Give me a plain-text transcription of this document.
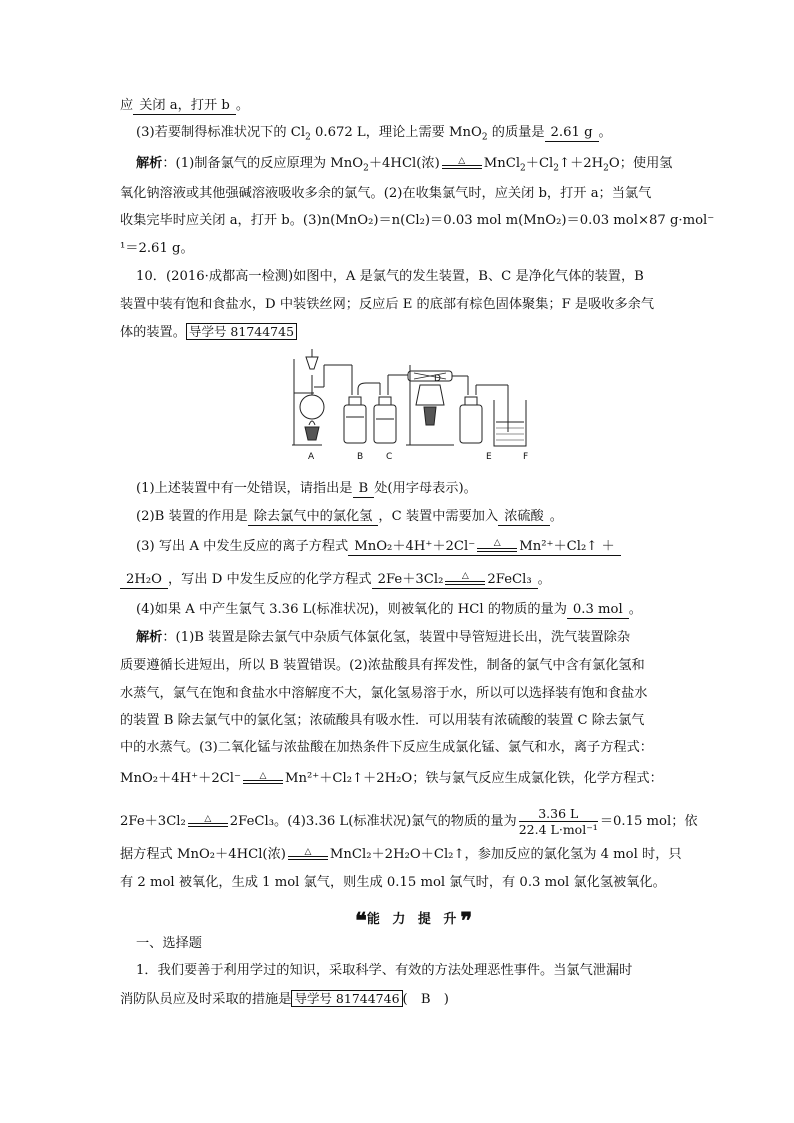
应 关闭 a，打开 b 。
(3)若要制得标准状况下的 $Cl_2$ 0.672 L，理论上需要 MnO$_2$ 的质量是 2.61 g 。
解析：(1)制备氯气的反应原理为 MnO$_2$＋4HCl(浓)	△	$MnCl_2+Cl_2↑+2H_2O$；使用氢
氧化钠溶液或其他强碱溶液吸收多余的氯气。(2)在收集氯气时，应关闭 b，打开 a；当氯气
收集完毕时应关闭 a，打开 b。(3)n(MnO₂)＝n(Cl₂)＝0.03 mol m(MnO₂)＝0.03 mol×87 g·mol⁻
¹＝2.61 g。
10．(2016·成都高一检测)如图中，A 是氯气的发生装置，B、C 是净化气体的装置，B
装置中装有饱和食盐水，D 中装铁丝网；反应后 E 的底部有棕色固体聚集；F 是吸收多余气
体的装置。 导学号 81744745
A	B	C
D
E	F
(1)上述装置中有一处错误，请指出是 B 处(用字母表示)。
(2)B 装置的作用是 除去氯气中的氯化氢 ，C 装置中需要加入 浓硫酸 。
(3) 写出 A 中发生反应的离子方程式 MnO₂＋4H⁺＋2Cl⁻	△	Mn²⁺＋Cl₂↑ ＋
2H₂O ，写出 D 中发生反应的化学方程式 2Fe＋3Cl₂	△	2FeCl₃ 。
(4)如果 A 中产生氯气 3.36 L(标准状况)，则被氧化的 HCl 的物质的量为 0.3 mol 。
解析：(1)B 装置是除去氯气中杂质气体氯化氢，装置中导管短进长出，洗气装置除杂
质要遵循长进短出，所以 B 装置错误。(2)浓盐酸具有挥发性，制备的氯气中含有氯化氢和
水蒸气，氯气在饱和食盐水中溶解度不大，氯化氢易溶于水，所以可以选择装有饱和食盐水
的装置 B 除去氯气中的氯化氢；浓硫酸具有吸水性．可以用装有浓硫酸的装置 C 除去氯气
中的水蒸气。(3)二氧化锰与浓盐酸在加热条件下反应生成氯化锰、氯气和水，离子方程式：
MnO₂＋4H⁺＋2Cl⁻	△	Mn²⁺＋Cl₂↑＋2H₂O；铁与氯气反应生成氯化铁，化学方程式：
2Fe＋3Cl₂	△	2FeCl₃。(4)3.36 L(标准状况)氯气的物质的量为 $\frac{3.36 L}{\text{22.4 L·mol⁻¹}} =0.15$ mol；依
据方程式 MnO₂＋4HCl(浓)	△	MnCl₂＋2H₂O＋Cl₂↑，参加反应的氯化氢为 4 mol 时，只
有 2 mol 被氧化，生成 1 mol 氯气，则生成 0.15 mol 氯气时，有 0.3 mol 氯化氢被氧化。
❝能 力 提 升❞
一、选择题
1．我们要善于利用学过的知识，采取科学、有效的方法处理恶性事件。当氯气泄漏时
消防队员应及时采取的措施是 导学号 81744746 (　B　)
